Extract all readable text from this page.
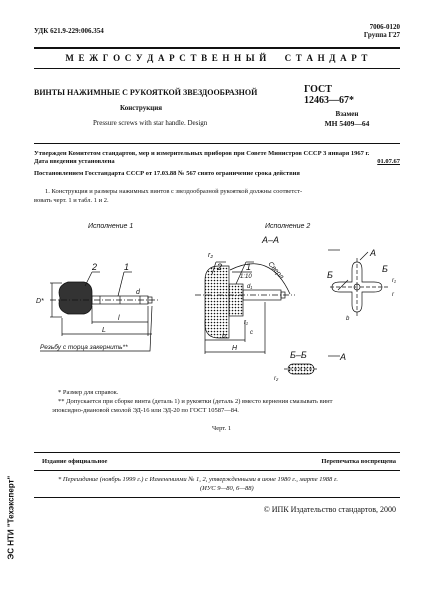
УДК 621.9-229:006.354	7006-0120
Группа Г27
М Е Ж Г О С У Д А Р С Т В Е Н Н Ы Й     С Т А Н Д А Р Т
ВИНТЫ НАЖИМНЫЕ С РУКОЯТКОЙ ЗВЕЗДООБРАЗНОЙ
Конструкция
Pressure screws with star handle. Design
ГОСТ
12463—67*
Взамен
МН 5409—64
Утвержден Комитетом стандартов, мер и измерительных приборов при Совете Министров СССР 3 января 1967 г.
Дата введения установлена	01.07.67
Постановлением Госстандарта СССР от 17.03.88 № 567 снято ограничение срока действия
1. Конструкция и размеры нажимных винтов с звездообразной рукояткой должны соответст-
вовать черт. 1 и табл. 1 и 2.
Исполнение 1
2	1
D*
d
l
L
Резьбу с торца закернить**
Исполнение 2
А–А
r₂
2	1
1:10 Сверл
d₁
r₁
c
h
H
Б
А
Б
r₁
r
b
А
Б–Б
r₂
* Размер для справок.
** Допускается при сборке винта (деталь 1) и рукоятки (деталь 2) вместо кернения смазывать винт
эпоксидно-диановой смолой ЭД-16 или ЭД-20 по ГОСТ 10587—84.
Черт. 1
ЭС НТИ "Техэксперт"
Издание официальное	Перепечатка воспрещена
* Переиздание (ноябрь 1999 г.) с Изменениями № 1, 2, утвержденными в июне 1980 г., марте 1988 г.
(ИУС 9—80, 6—88)
© ИПК Издательство стандартов, 2000
